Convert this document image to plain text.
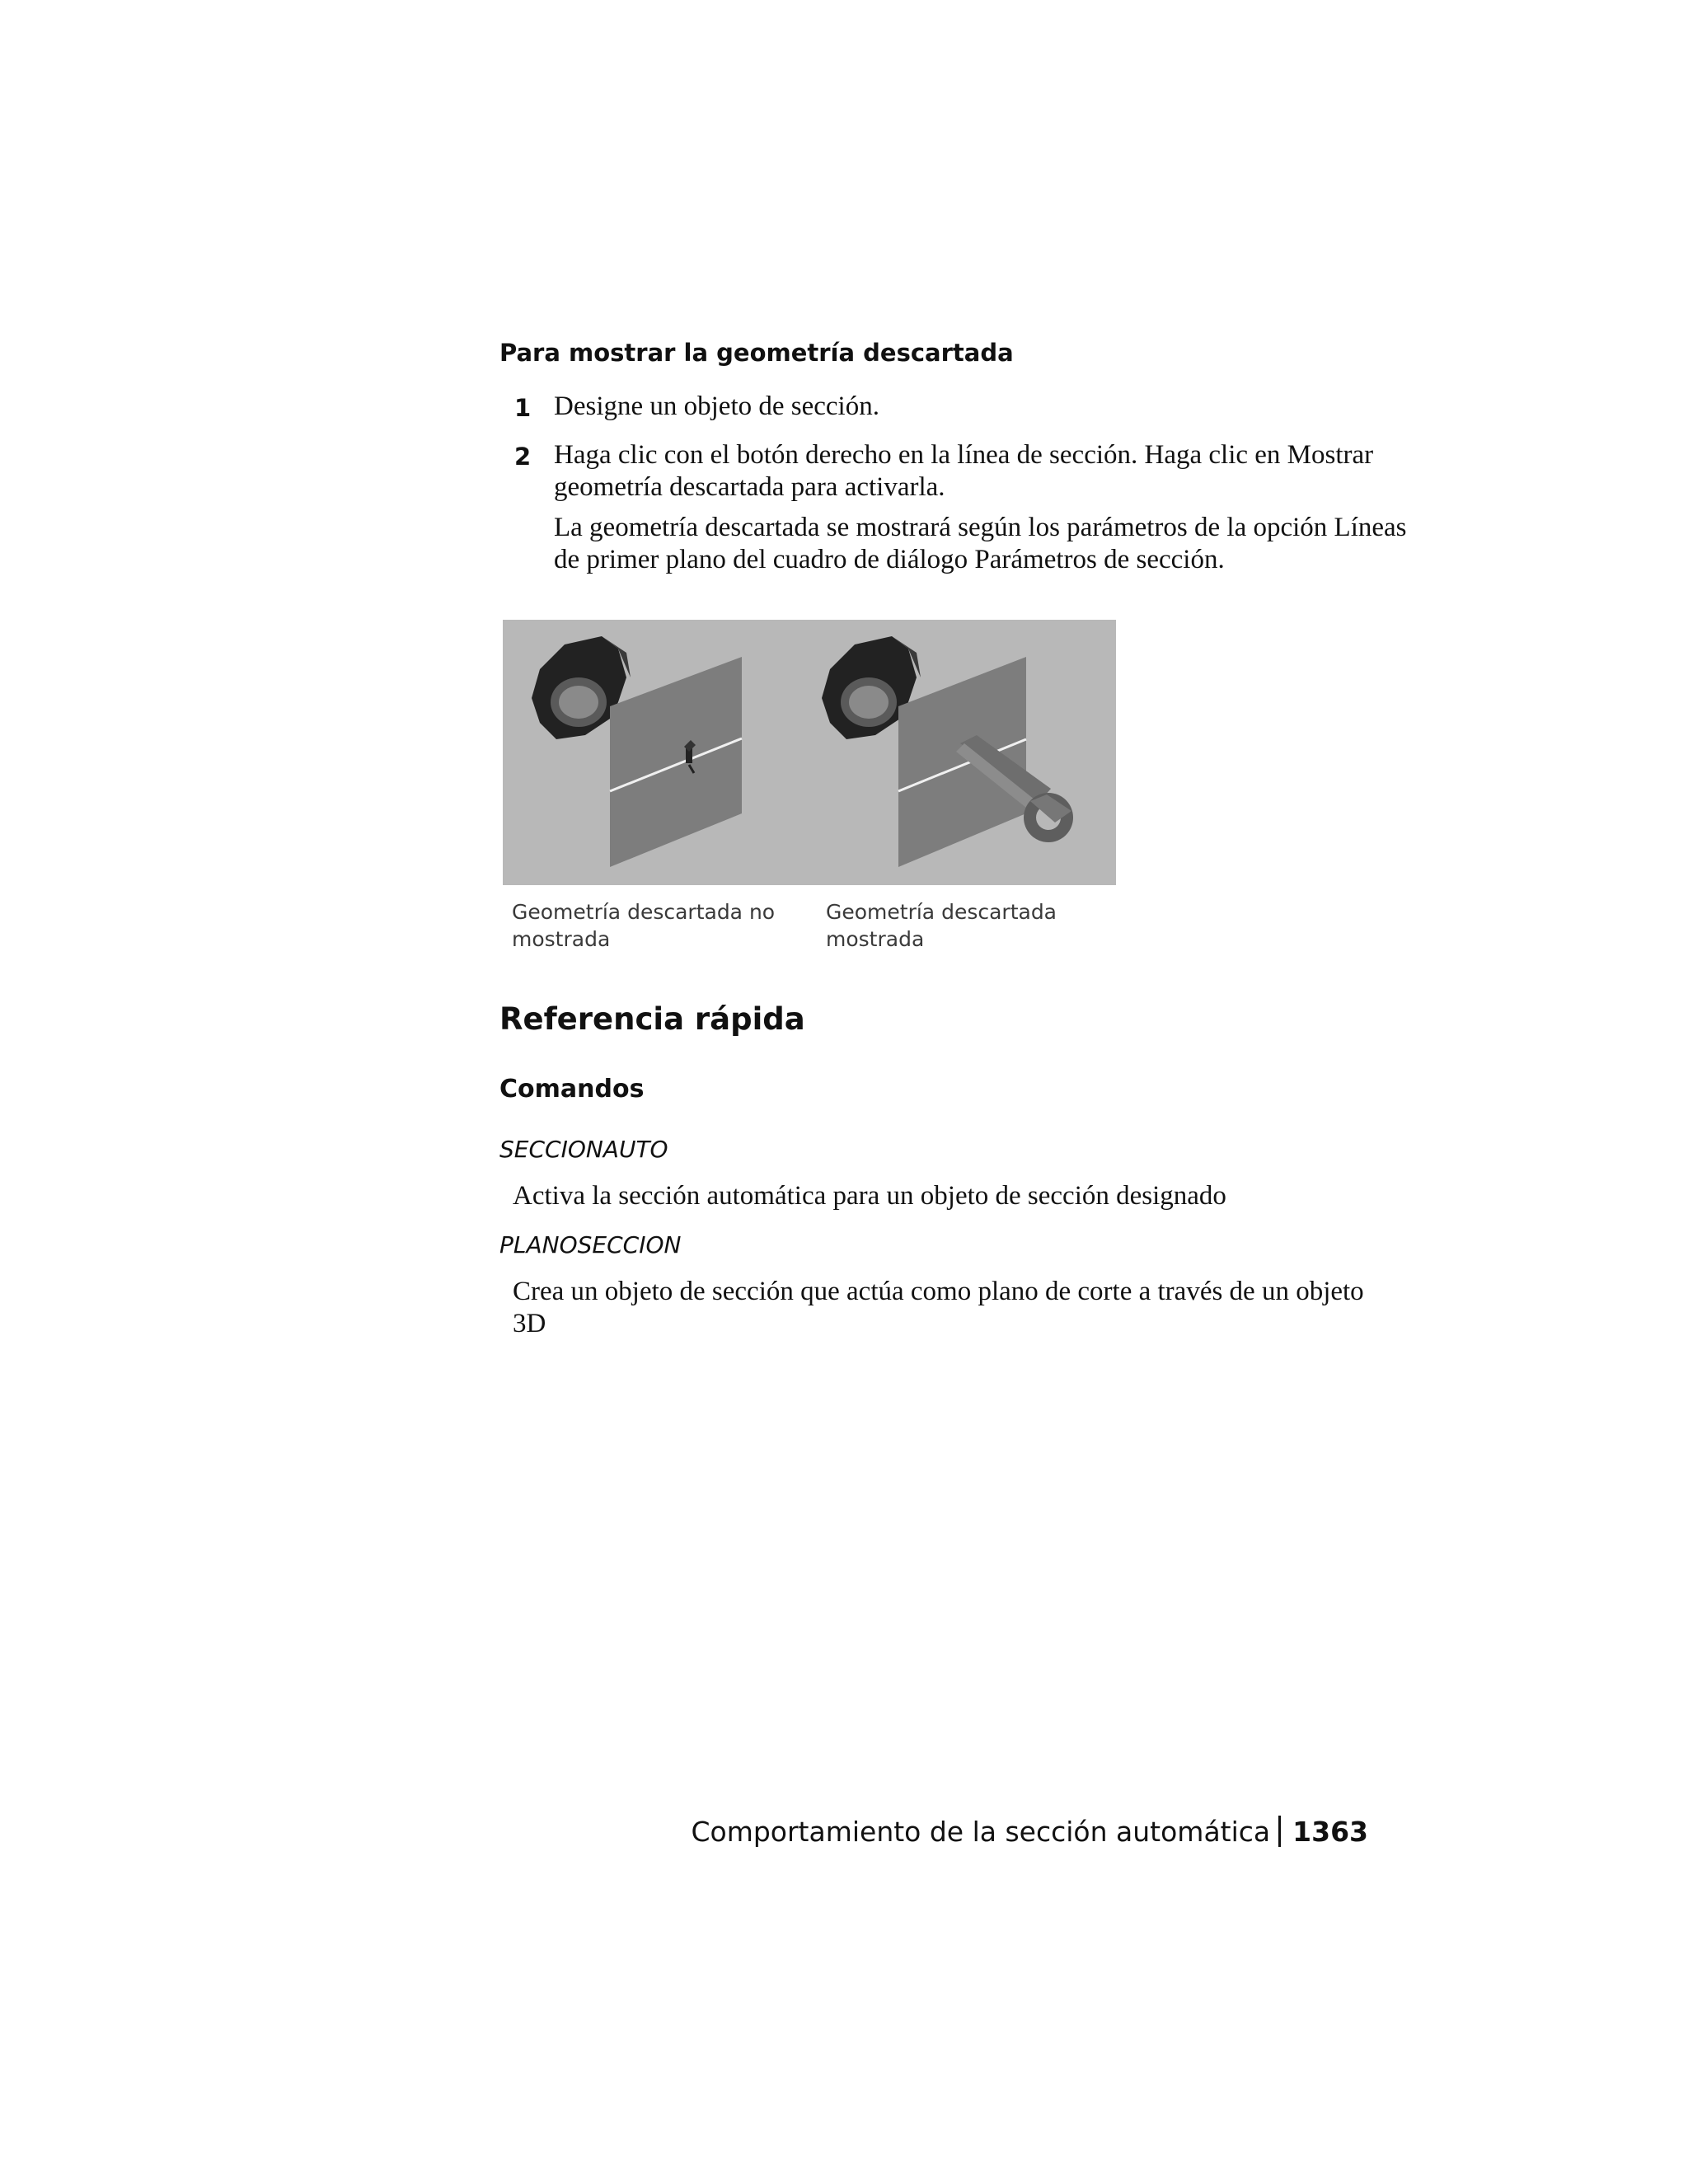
Para mostrar la geometría descartada
1 Designe un objeto de sección.
2 Haga clic con el botón derecho en la línea de sección. Haga clic en Mostrar geometría descartada para activarla.
La geometría descartada se mostrará según los parámetros de la opción Líneas de primer plano del cuadro de diálogo Parámetros de sección.
Geometría descartada no mostrada
Geometría descartada mostrada
Referencia rápida
Comandos
SECCIONAUTO
Activa la sección automática para un objeto de sección designado
PLANOSECCION
Crea un objeto de sección que actúa como plano de corte a través de un objeto 3D
Comportamiento de la sección automática 1363
